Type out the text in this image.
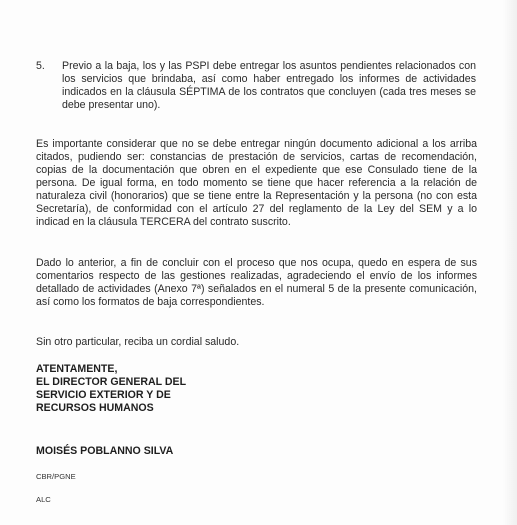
5.	Previo a la baja, los y las PSPI debe entregar los asuntos pendientes relacionados con los servicios que brindaba, así como haber entregado los informes de actividades indicados en la cláusula SÉPTIMA de los contratos que concluyen (cada tres meses se debe presentar uno).

Es importante considerar que no se debe entregar ningún documento adicional a los arriba citados, pudiendo ser: constancias de prestación de servicios, cartas de recomendación, copias de la documentación que obren en el expediente que ese Consulado tiene de la persona. De igual forma, en todo momento se tiene que hacer referencia a la relación de naturaleza civil (honorarios) que se tiene entre la Representación y la persona (no con esta Secretaría), de conformidad con el artículo 27 del reglamento de la Ley del SEM y a lo indicad en la cláusula TERCERA del contrato suscrito.

Dado lo anterior, a fin de concluir con el proceso que nos ocupa, quedo en espera de sus comentarios respecto de las gestiones realizadas, agradeciendo el envío de los informes detallado de actividades (Anexo 7ª) señalados en el numeral 5 de la presente comunicación, así como los formatos de baja correspondientes.

Sin otro particular, reciba un cordial saludo.

ATENTAMENTE,
EL DIRECTOR GENERAL DEL
SERVICIO EXTERIOR Y DE
RECURSOS HUMANOS
MOISÉS POBLANNO SILVA
CBR/PGNE
ALC
